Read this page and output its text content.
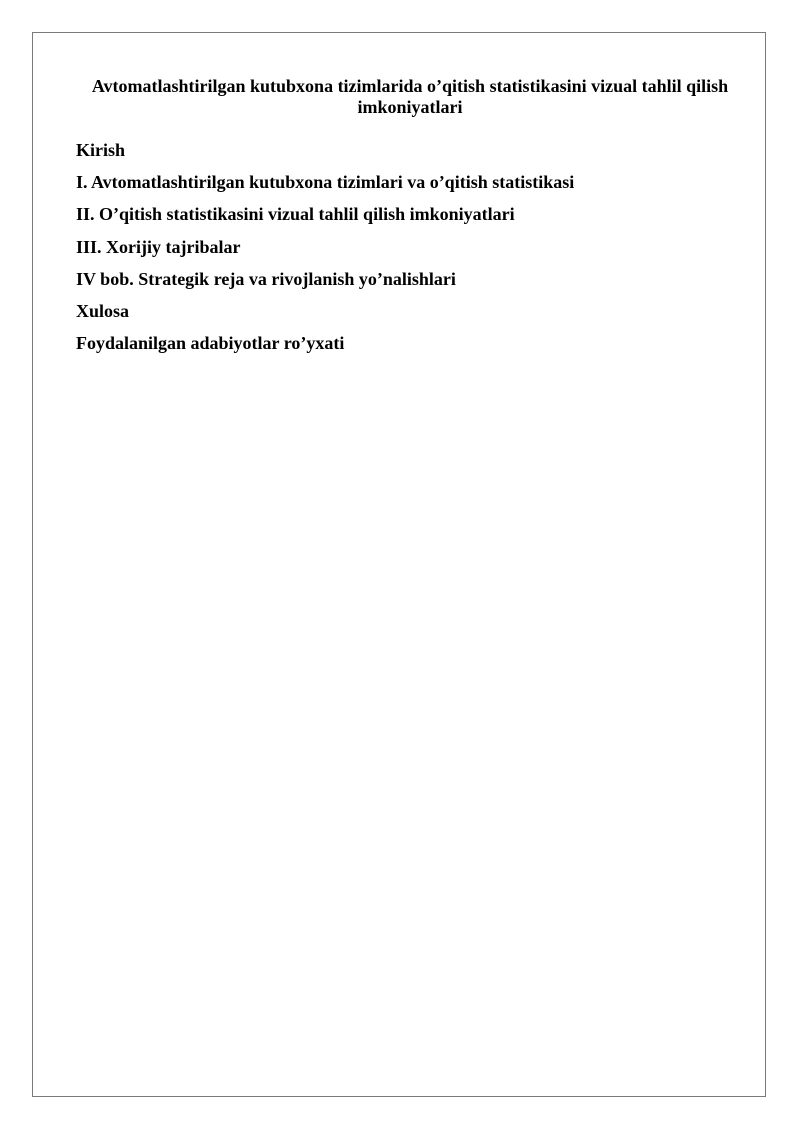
Avtomatlashtirilgan kutubxona tizimlarida o’qitish statistikasini vizual tahlil qilish imkoniyatlari
Kirish
I. Avtomatlashtirilgan kutubxona tizimlari va o’qitish statistikasi
II. O’qitish statistikasini vizual tahlil qilish imkoniyatlari
III. Xorijiy tajribalar
IV bob. Strategik reja va rivojlanish yo’nalishlari
Xulosa
Foydalanilgan adabiyotlar ro’yxati
